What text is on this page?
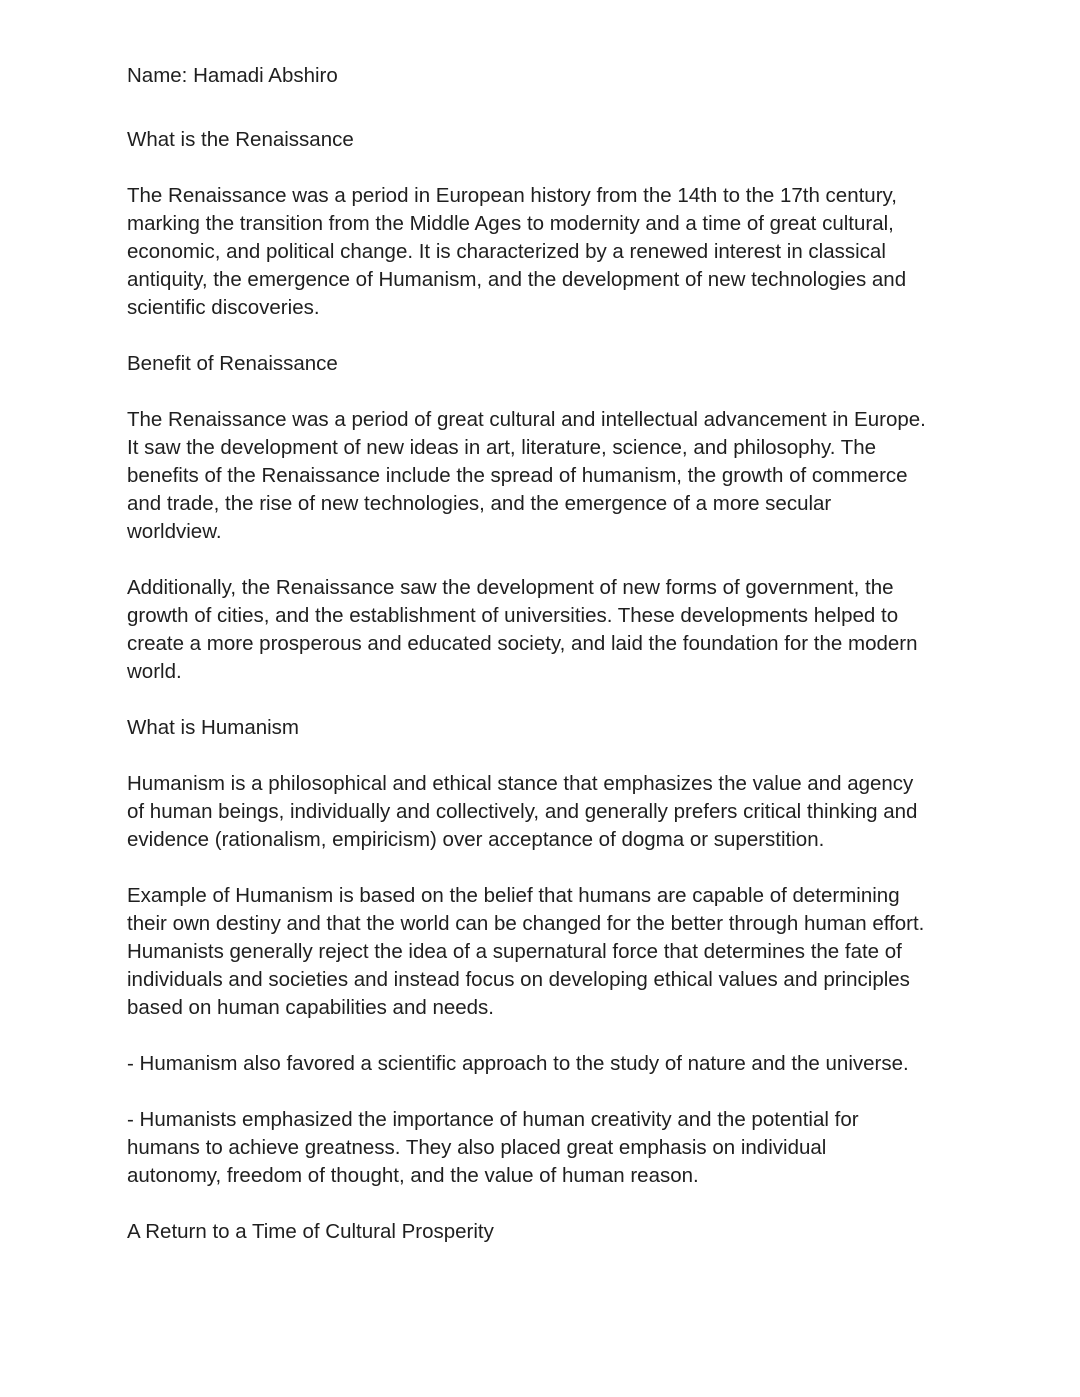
Name: Hamadi Abshiro

What is the Renaissance

The Renaissance was a period in European history from the 14th to the 17th century,
marking the transition from the Middle Ages to modernity and a time of great cultural,
economic, and political change. It is characterized by a renewed interest in classical
antiquity, the emergence of Humanism, and the development of new technologies and
scientific discoveries.

Benefit of Renaissance

The Renaissance was a period of great cultural and intellectual advancement in Europe.
It saw the development of new ideas in art, literature, science, and philosophy. The
benefits of the Renaissance include the spread of humanism, the growth of commerce
and trade, the rise of new technologies, and the emergence of a more secular
worldview.

Additionally, the Renaissance saw the development of new forms of government, the
growth of cities, and the establishment of universities. These developments helped to
create a more prosperous and educated society, and laid the foundation for the modern
world.

What is Humanism

Humanism is a philosophical and ethical stance that emphasizes the value and agency
of human beings, individually and collectively, and generally prefers critical thinking and
evidence (rationalism, empiricism) over acceptance of dogma or superstition.

Example of Humanism is based on the belief that humans are capable of determining
their own destiny and that the world can be changed for the better through human effort.
Humanists generally reject the idea of a supernatural force that determines the fate of
individuals and societies and instead focus on developing ethical values and principles
based on human capabilities and needs.

- Humanism also favored a scientific approach to the study of nature and the universe.

- Humanists emphasized the importance of human creativity and the potential for
humans to achieve greatness. They also placed great emphasis on individual
autonomy, freedom of thought, and the value of human reason.

A Return to a Time of Cultural Prosperity
